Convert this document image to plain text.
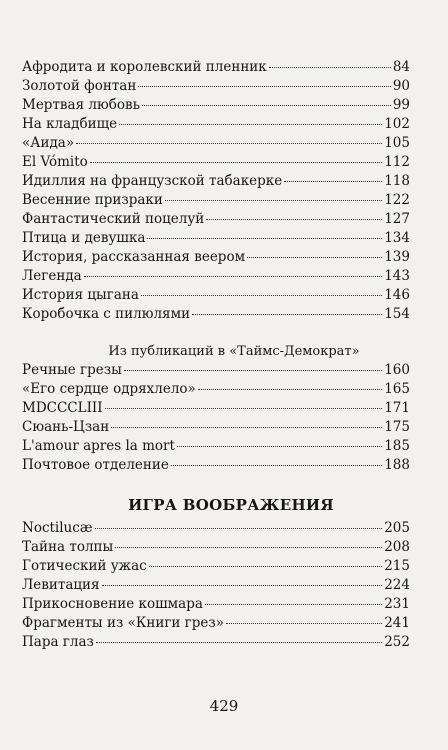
Афродита и королевский пленник	84
Золотой фонтан	90
Мертвая любовь	99
На кладбище	102
«Аида»	105
El Vómito	112
Идиллия на французской табакерке	118
Весенние призраки	122
Фантастический поцелуй	127
Птица и девушка	134
История, рассказанная веером	139
Легенда	143
История цыгана	146
Коробочка с пилюлями	154
Из публикаций в «Таймс-Демократ»
Речные грезы	160
«Его сердце одряхлело»	165
MDCCCLIII	171
Сюань-Цзан	175
L'amour apres la mort	185
Почтовое отделение	188
ИГРА ВООБРАЖЕНИЯ
Noctilucæ	205
Тайна толпы	208
Готический ужас	215
Левитация	224
Прикосновение кошмара	231
Фрагменты из «Книги грез»	241
Пара глаз	252
429
